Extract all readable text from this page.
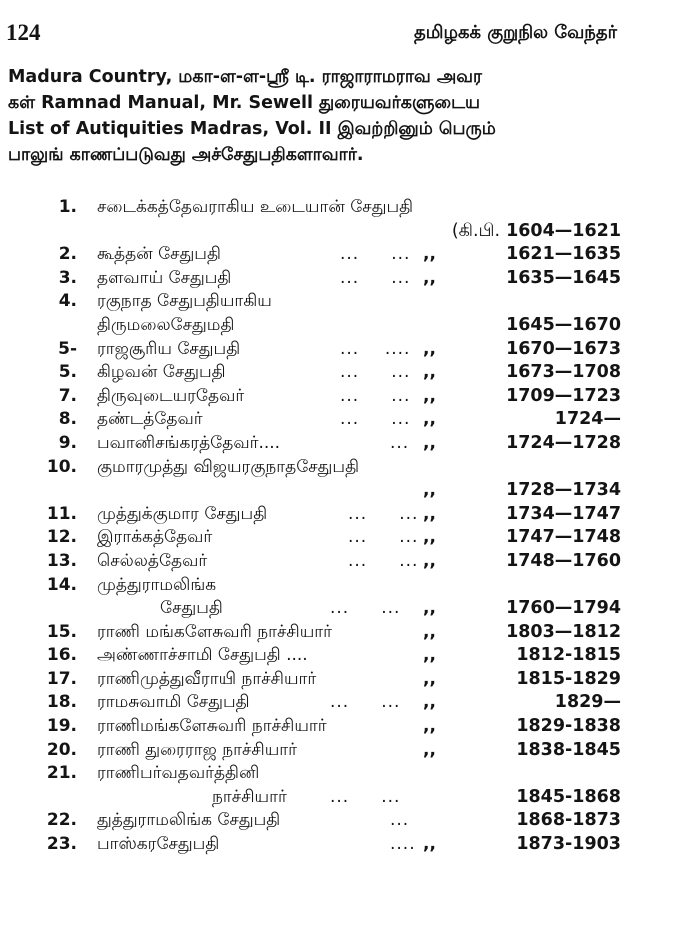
124	தமிழகக் குறுநில வேந்தர்
Madura Country, மகா-ள-ள-ஸ்ரீ டி. ராஜாராமராவ அவர
கள் Ramnad Manual, Mr. Sewell துரையவர்களுடைய
List of Autiquities Madras, Vol. II இவற்றினும் பெரும்
பாலுங் காணப்படுவது அச்சேதுபதிகளாவார்.
1. சடைக்கத்தேவராகிய உடையான் சேதுபதி
(கி.பி. 1604—1621
2. கூத்தன் சேதுபதி	...     ... ,,	1621—1635
3. தளவாய் சேதுபதி	...     ... ,,	1635—1645
4. ரகுநாத சேதுபதியாகிய
திருமலைசேதுமதி	1645—1670
5- ராஜசூரிய சேதுபதி	...    .... ,,	1670—1673
5. கிழவன் சேதுபதி	...     ... ,,	1673—1708
7. திருவுடையரதேவர்	...     ... ,,	1709—1723
8. தண்டத்தேவர்	...     ... ,,	1724—
9. பவானிசங்கரத்தேவர்....	... ,,	1724—1728
10. குமாரமுத்து விஜயரகுநாதசேதுபதி
,,	1728—1734
11. முத்துக்குமார சேதுபதி	...     ... ,,	1734—1747
12. இராக்கத்தேவர்	...     ... ,,	1747—1748
13. செல்லத்தேவர்	...     ... ,,	1748—1760
14. முத்துராமலிங்க
சேதுபதி	...     ... ,,	1760—1794
15. ராணி மங்களேசுவரி நாச்சியார்	,,	1803—1812
16. அண்ணாச்சாமி சேதுபதி ....	,,	1812-1815
17. ராணிமுத்துவீராயி நாச்சியார்	,,	1815-1829
18. ராமசுவாமி சேதுபதி	...     ... ,,	1829—
19. ராணிமங்களேசுவரி நாச்சியார்	,,	1829-1838
20. ராணி துரைராஜ நாச்சியார்	,,	1838-1845
21. ராணிபர்வதவர்த்தினி
நாச்சியார்	...     ...	1845-1868
22. துத்துராமலிங்க சேதுபதி	...	1868-1873
23. பாஸ்கரசேதுபதி	.... ,,	1873-1903
